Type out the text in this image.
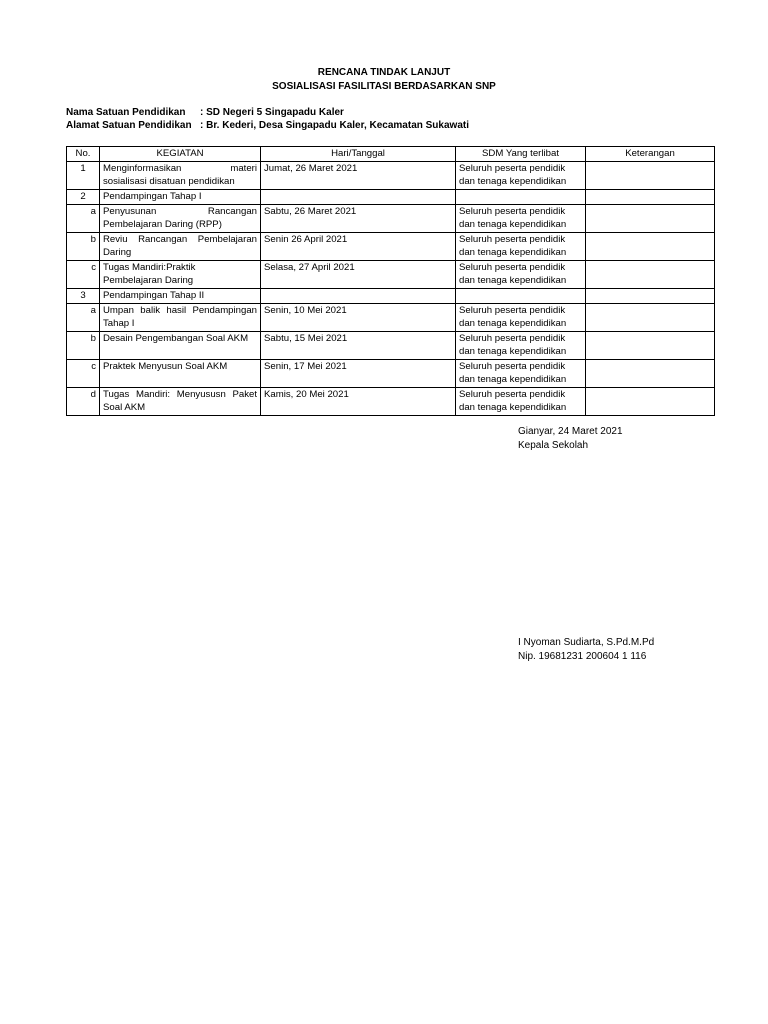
RENCANA TINDAK LANJUT
SOSIALISASI FASILITASI BERDASARKAN SNP
Nama Satuan Pendidikan : SD Negeri 5 Singapadu Kaler
Alamat Satuan Pendidikan : Br. Kederi, Desa Singapadu Kaler, Kecamatan Sukawati
No.	KEGIATAN	Hari/Tanggal	SDM Yang terlibat	Keterangan
1	Menginformasikan materi sosialisasi disatuan pendidikan	Jumat, 26 Maret 2021	Seluruh peserta pendidik dan tenaga kependidikan	
2	Pendampingan Tahap I			
a	Penyusunan Rancangan Pembelajaran Daring (RPP)	Sabtu, 26 Maret 2021	Seluruh peserta pendidik dan tenaga kependidikan	
b	Reviu Rancangan Pembelajaran Daring	Senin 26 April 2021	Seluruh peserta pendidik dan tenaga kependidikan	
c	Tugas Mandiri:Praktik Pembelajaran Daring	Selasa, 27 April 2021	Seluruh peserta pendidik dan tenaga kependidikan	
3	Pendampingan Tahap II			
a	Umpan balik hasil Pendampingan Tahap I	Senin, 10 Mei 2021	Seluruh peserta pendidik dan tenaga kependidikan	
b	Desain Pengembangan Soal AKM	Sabtu, 15 Mei 2021	Seluruh peserta pendidik dan tenaga kependidikan	
c	Praktek Menyusun Soal AKM	Senin, 17 Mei 2021	Seluruh peserta pendidik dan tenaga kependidikan	
d	Tugas Mandiri: Menyususn Paket Soal AKM	Kamis, 20 Mei 2021	Seluruh peserta pendidik dan tenaga kependidikan	
Gianyar, 24 Maret 2021
Kepala Sekolah
I Nyoman Sudiarta, S.Pd.M.Pd
Nip. 19681231 200604 1 116
